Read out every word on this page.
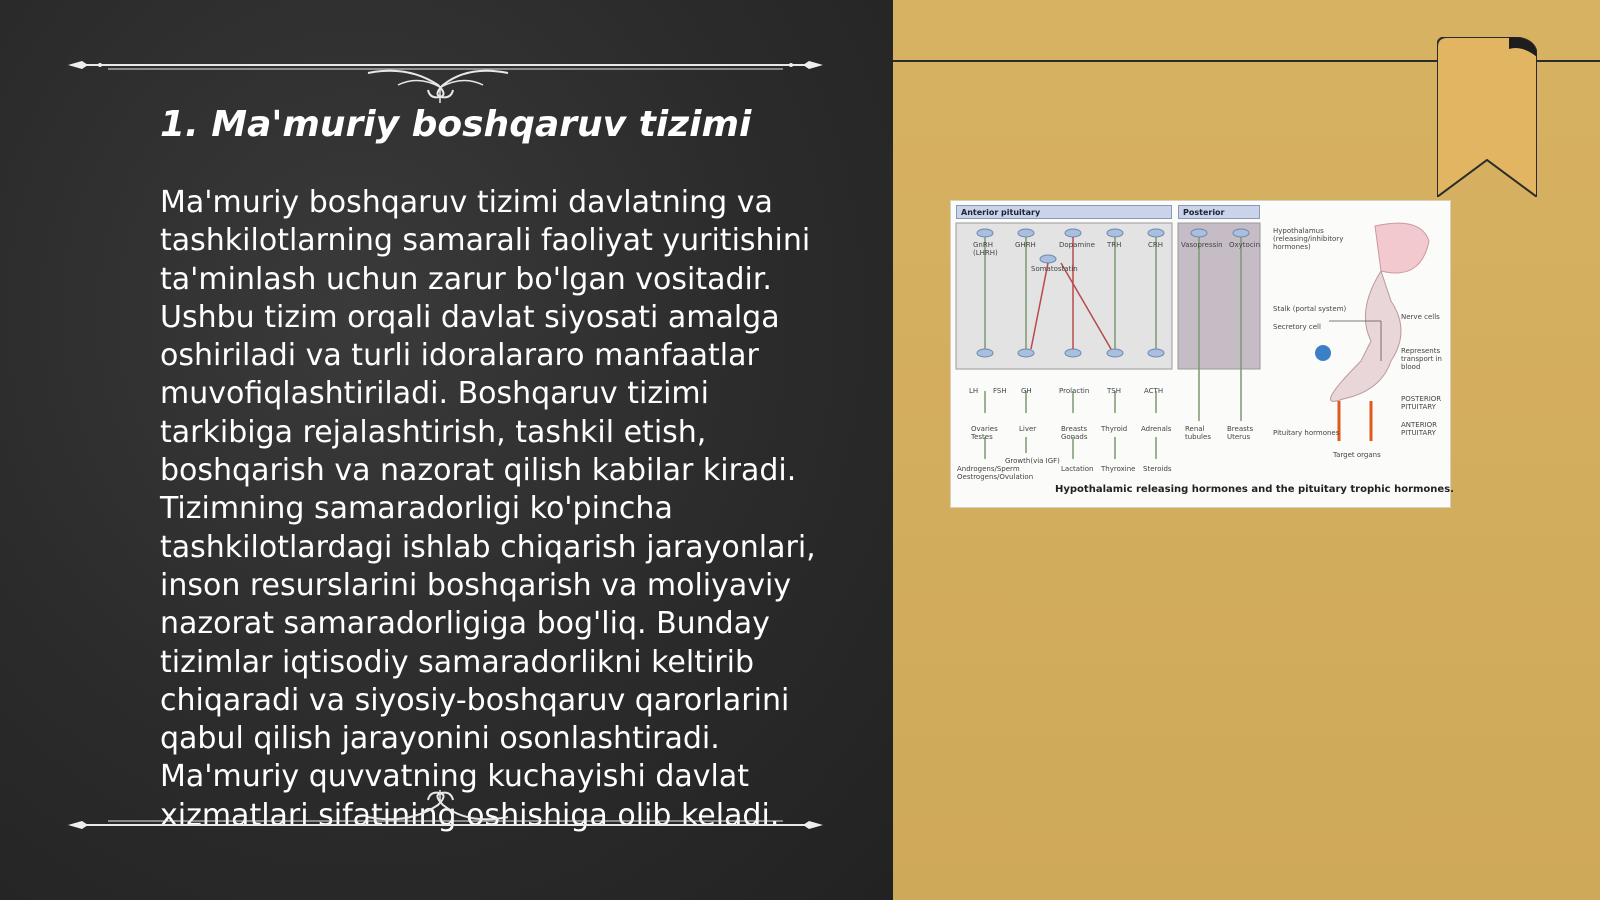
1. Ma'muriy boshqaruv tizimi

Ma'muriy boshqaruv tizimi davlatning va tashkilotlarning samarali faoliyat yuritishini ta'minlash uchun zarur bo'lgan vositadir. Ushbu tizim orqali davlat siyosati amalga oshiriladi va turli idoralararo manfaatlar muvofiqlashtiriladi. Boshqaruv tizimi tarkibiga rejalashtirish, tashkil etish, boshqarish va nazorat qilish kabilar kiradi. Tizimning samaradorligi ko'pincha tashkilotlardagi ishlab chiqarish jarayonlari, inson resurslarini boshqarish va moliyaviy nazorat samaradorligiga bog'liq. Bunday tizimlar iqtisodiy samaradorlikni keltirib chiqaradi va siyosiy-boshqaruv qarorlarini qabul qilish jarayonini osonlashtiradi. Ma'muriy quvvatning kuchayishi davlat xizmatlari sifatining oshishiga olib keladi.

Anterior pituitary	Posterior
GnRH (LHRH)
GHRH	Dopamine TRH	CRH
Somatostatin
Vasopressin Oxytocin
LH FSH GH	Prolactin	TSH	ACTH
Ovaries Testes
Liver	Breasts Gonads
Thyroid Adrenals Renal tubules
Breasts Uterus
Androgens/Sperm Oestrogens/Ovulation
Growth(via IGF)
Lactation Thyroxine Steroids
Hypothalamus (releasing/inhibitory hormones)
Stalk (portal system)
Secretory cell
Nerve cells
Represents transport in blood
POSTERIOR PITUITARY
ANTERIOR PITUITARY
Pituitary hormones
Target organs
Hypothalamic releasing hormones and the pituitary trophic hormones.
